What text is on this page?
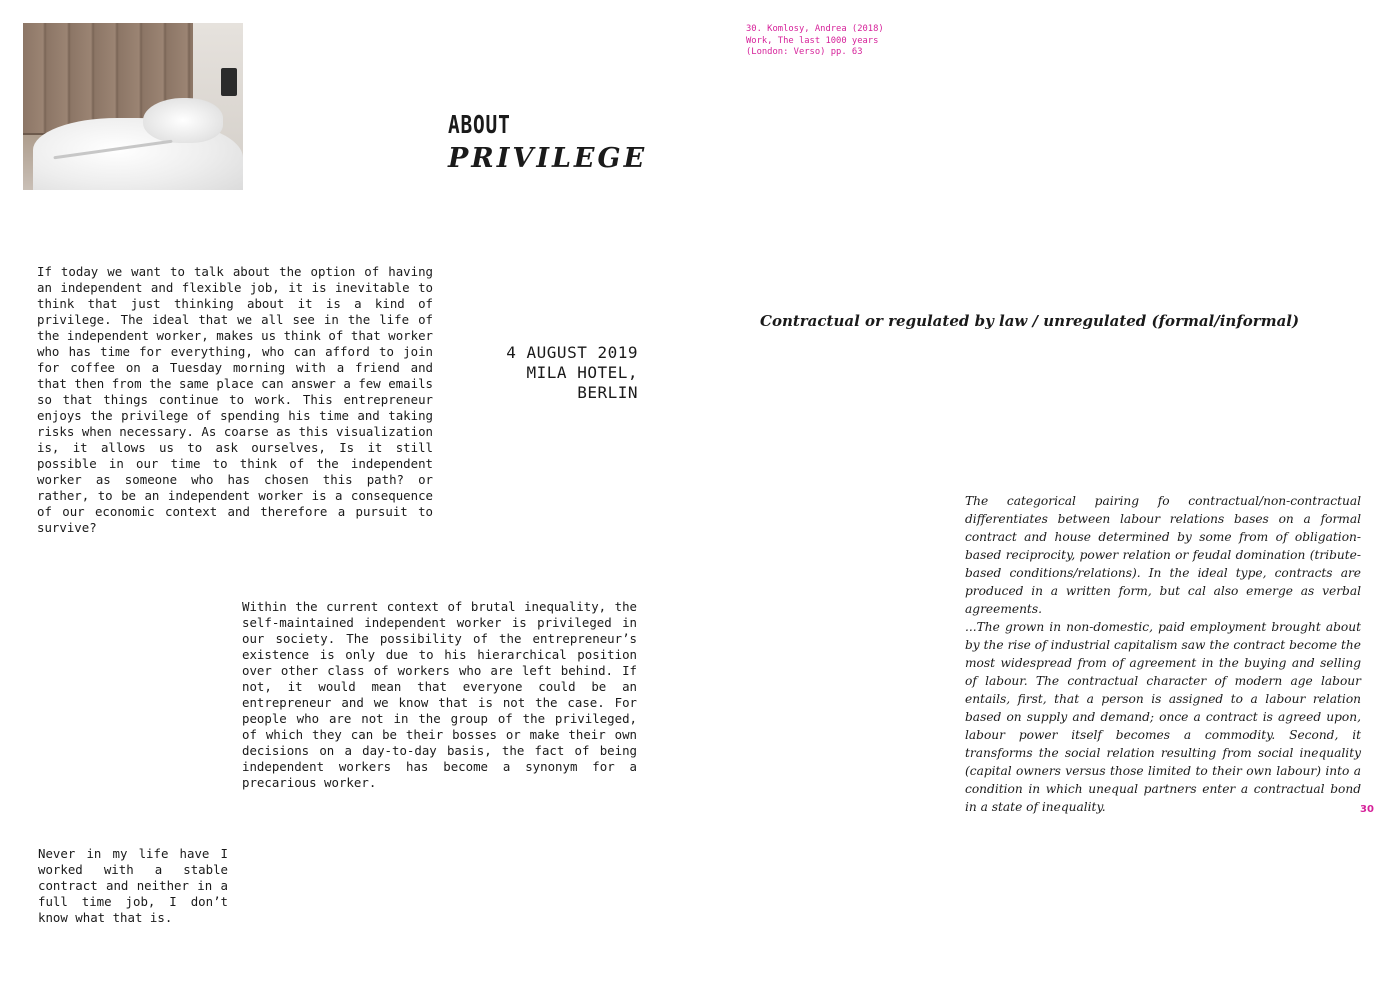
ABOUT
PRIVILEGE
If today we want to talk about the option of having an independent and flexible job, it is inevitable to think that just thinking about it is a kind of privilege. The ideal that we all see in the life of the independent worker, makes us think of that worker who has time for everything, who can afford to join for coffee on a Tuesday morning with a friend and that then from the same place can answer a few emails so that things continue to work. This entrepreneur enjoys the privilege of spending his time and taking risks when necessary. As coarse as this visualization is, it allows us to ask ourselves, Is it still possible in our time to think of the independent worker as someone who has chosen this path? or rather, to be an independent worker is a consequence of our economic context and therefore a pursuit to survive?
Within the current context of brutal inequality, the self-maintained independent worker is privileged in our society. The possibility of the entrepreneur’s existence is only due to his hierarchical position over other class of workers who are left behind. If not, it would mean that everyone could be an entrepreneur and we know that is not the case. For people who are not in the group of the privileged, of which they can be their bosses or make their own decisions on a day-to-day basis, the fact of being independent workers has become a synonym for a precarious worker.
Never in my life have I worked with a stable contract and neither in a full time job, I don’t know what that is.
4 AUGUST 2019
MILA HOTEL,
BERLIN
30. Komlosy, Andrea (2018)
Work, The last 1000 years
(London: Verso) pp. 63
Contractual or regulated by law / unregulated (formal/informal)
The categorical pairing fo contractual/non-contractual differentiates between labour relations bases on a formal contract and house determined by some from of obligation-based reciprocity, power relation or feudal domination (tribute-based conditions/relations). In the ideal type, contracts are produced in a written form, but cal also emerge as verbal agreements.
...The grown in non-domestic, paid employment brought about by the rise of industrial capitalism saw the contract become the most widespread from of agreement in the buying and selling of labour. The contractual character of modern age labour entails, first, that a person is assigned to a labour relation based on supply and demand; once a contract is agreed upon, labour power itself becomes a commodity. Second, it transforms the social relation resulting from social inequality (capital owners versus those limited to their own labour) into a condition in which unequal partners enter a contractual bond in a state of inequality.	30
